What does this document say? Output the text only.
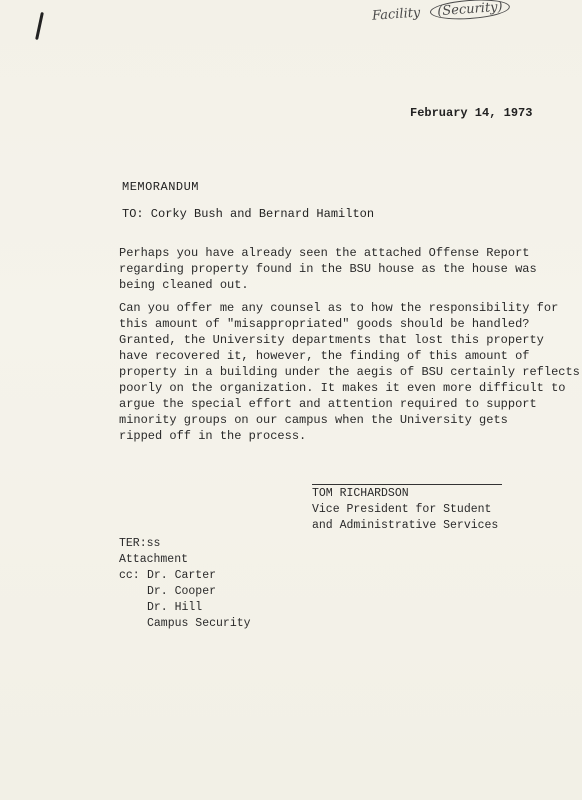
Facility (Security)
February 14, 1973
MEMORANDUM
TO: Corky Bush and Bernard Hamilton
Perhaps you have already seen the attached Offense Report
regarding property found in the BSU house as the house was
being cleaned out.
Can you offer me any counsel as to how the responsibility for
this amount of "misappropriated" goods should be handled?
Granted, the University departments that lost this property
have recovered it, however, the finding of this amount of
property in a building under the aegis of BSU certainly reflects
poorly on the organization. It makes it even more difficult to
argue the special effort and attention required to support
minority groups on our campus when the University gets
ripped off in the process.
TOM RICHARDSON
Vice President for Student
and Administrative Services
TER:ss
Attachment
cc: Dr. Carter
Dr. Cooper
Dr. Hill
Campus Security
